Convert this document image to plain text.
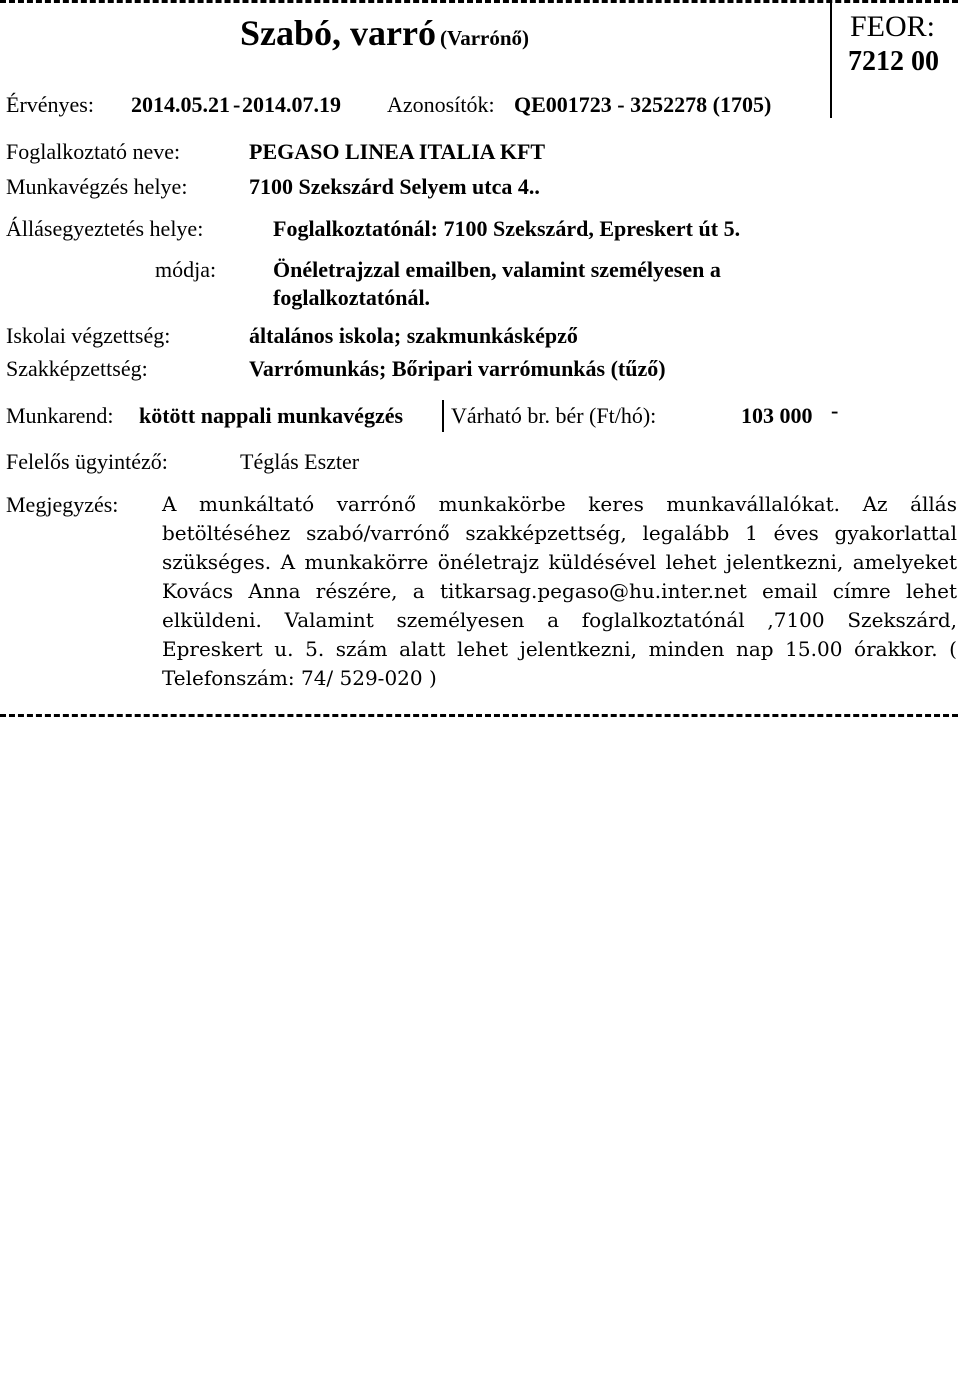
Szabó, varró (Varrónő)	FEOR:
7212 00
Érvényes: 2014.05.21 - 2014.07.19 Azonosítók: QE001723 - 3252278 (1705)
Foglalkoztató neve:	PEGASO LINEA ITALIA KFT
Munkavégzés helye:	7100 Szekszárd Selyem utca 4..
Állásegyeztetés helye:	Foglalkoztatónál: 7100 Szekszárd, Epreskert út 5.
módja:	Önéletrajzzal emailben, valamint személyesen a
foglalkoztatónál.
Iskolai végzettség:	általános iskola; szakmunkásképző
Szakképzettség:	Varrómunkás; Bőripari varrómunkás (tűző)
Munkarend: kötött nappali munkavégzés Várható br. bér (Ft/hó):	103 000 -
Felelős ügyintéző:	Téglás Eszter
Megjegyzés: A munkáltató varrónő munkakörbe keres munkavállalókat. Az állás betöltéséhez szabó/varrónő szakképzettség, legalább 1 éves gyakorlattal szükséges. A munkakörre önéletrajz küldésével lehet jelentkezni, amelyeket Kovács Anna részére, a titkarsag.pegaso@hu.inter.net email címre lehet elküldeni. Valamint személyesen a foglalkoztatónál ,7100 Szekszárd, Epreskert u. 5. szám alatt lehet jelentkezni, minden nap 15.00 órakkor. ( Telefonszám: 74/ 529-020 )
